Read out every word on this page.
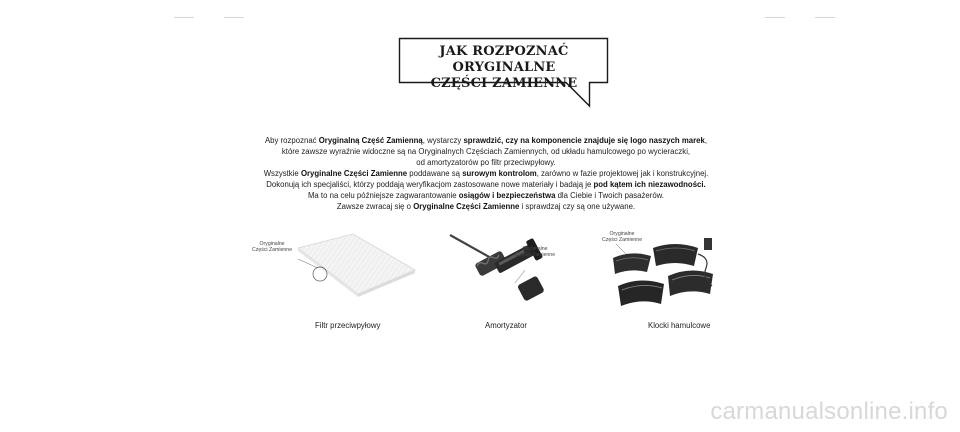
JAK ROZPOZNAĆ ORYGINALNE
CZĘŚCI ZAMIENNE

Aby rozpoznać Oryginalną Część Zamienną, wystarczy sprawdzić, czy na komponencie znajduje się logo naszych marek,

które zawsze wyraźnie widoczne są na Oryginalnych Częściach Zamiennych, od układu hamulcowego po wycieraczki,

od amortyzatorów po filtr przeciwpyłowy.

Wszystkie Oryginalne Części Zamienne poddawane są surowym kontrolom, zarówno w fazie projektowej jak i konstrukcyjnej.

Dokonują ich specjaliści, którzy poddają weryfikacjom zastosowane nowe materiały i badają je pod kątem ich niezawodności.

Ma to na celu późniejsze zagwarantowanie osiągów i bezpieczeństwa dla Ciebie i Twoich pasażerów.

Zawsze zwracaj się o Oryginalne Części Zamienne i sprawdzaj czy są one używane.

Oryginalne
Części Zamienne
Filtr przeciwpyłowy
Oryginalne
Części Zamienne
Amortyzator
Oryginalne
Części Zamienne
Klocki hamulcowe
carmanualsonline.info
